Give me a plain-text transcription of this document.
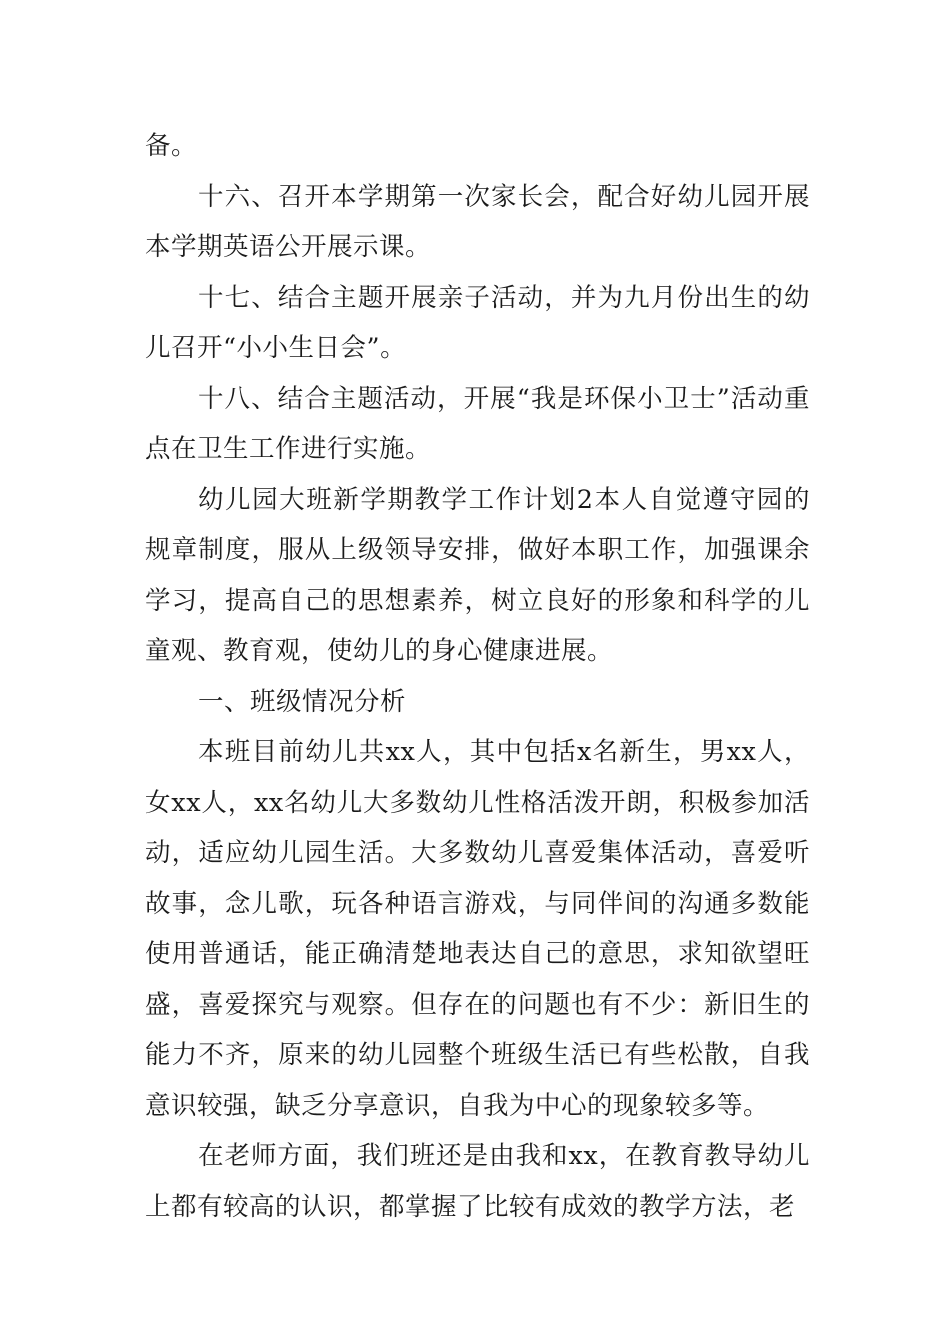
备。

十六、召开本学期第一次家长会，配合好幼儿园开展本学期英语公开展示课。

十七、结合主题开展亲子活动，并为九月份出生的幼儿召开“小小生日会”。

十八、结合主题活动，开展“我是环保小卫士”活动重点在卫生工作进行实施。

幼儿园大班新学期教学工作计划2本人自觉遵守园的规章制度，服从上级领导安排，做好本职工作，加强课余学习，提高自己的思想素养，树立良好的形象和科学的儿童观、教育观，使幼儿的身心健康进展。

一、班级情况分析

本班目前幼儿共xx人，其中包括x名新生，男xx人，女xx人，xx名幼儿大多数幼儿性格活泼开朗，积极参加活动，适应幼儿园生活。大多数幼儿喜爱集体活动，喜爱听故事，念儿歌，玩各种语言游戏，与同伴间的沟通多数能使用普通话，能正确清楚地表达自己的意思，求知欲望旺盛，喜爱探究与观察。但存在的问题也有不少：新旧生的能力不齐，原来的幼儿园整个班级生活已有些松散，自我意识较强，缺乏分享意识，自我为中心的现象较多等。

在老师方面，我们班还是由我和xx，在教育教导幼儿上都有较高的认识，都掌握了比较有成效的教学方法，老
